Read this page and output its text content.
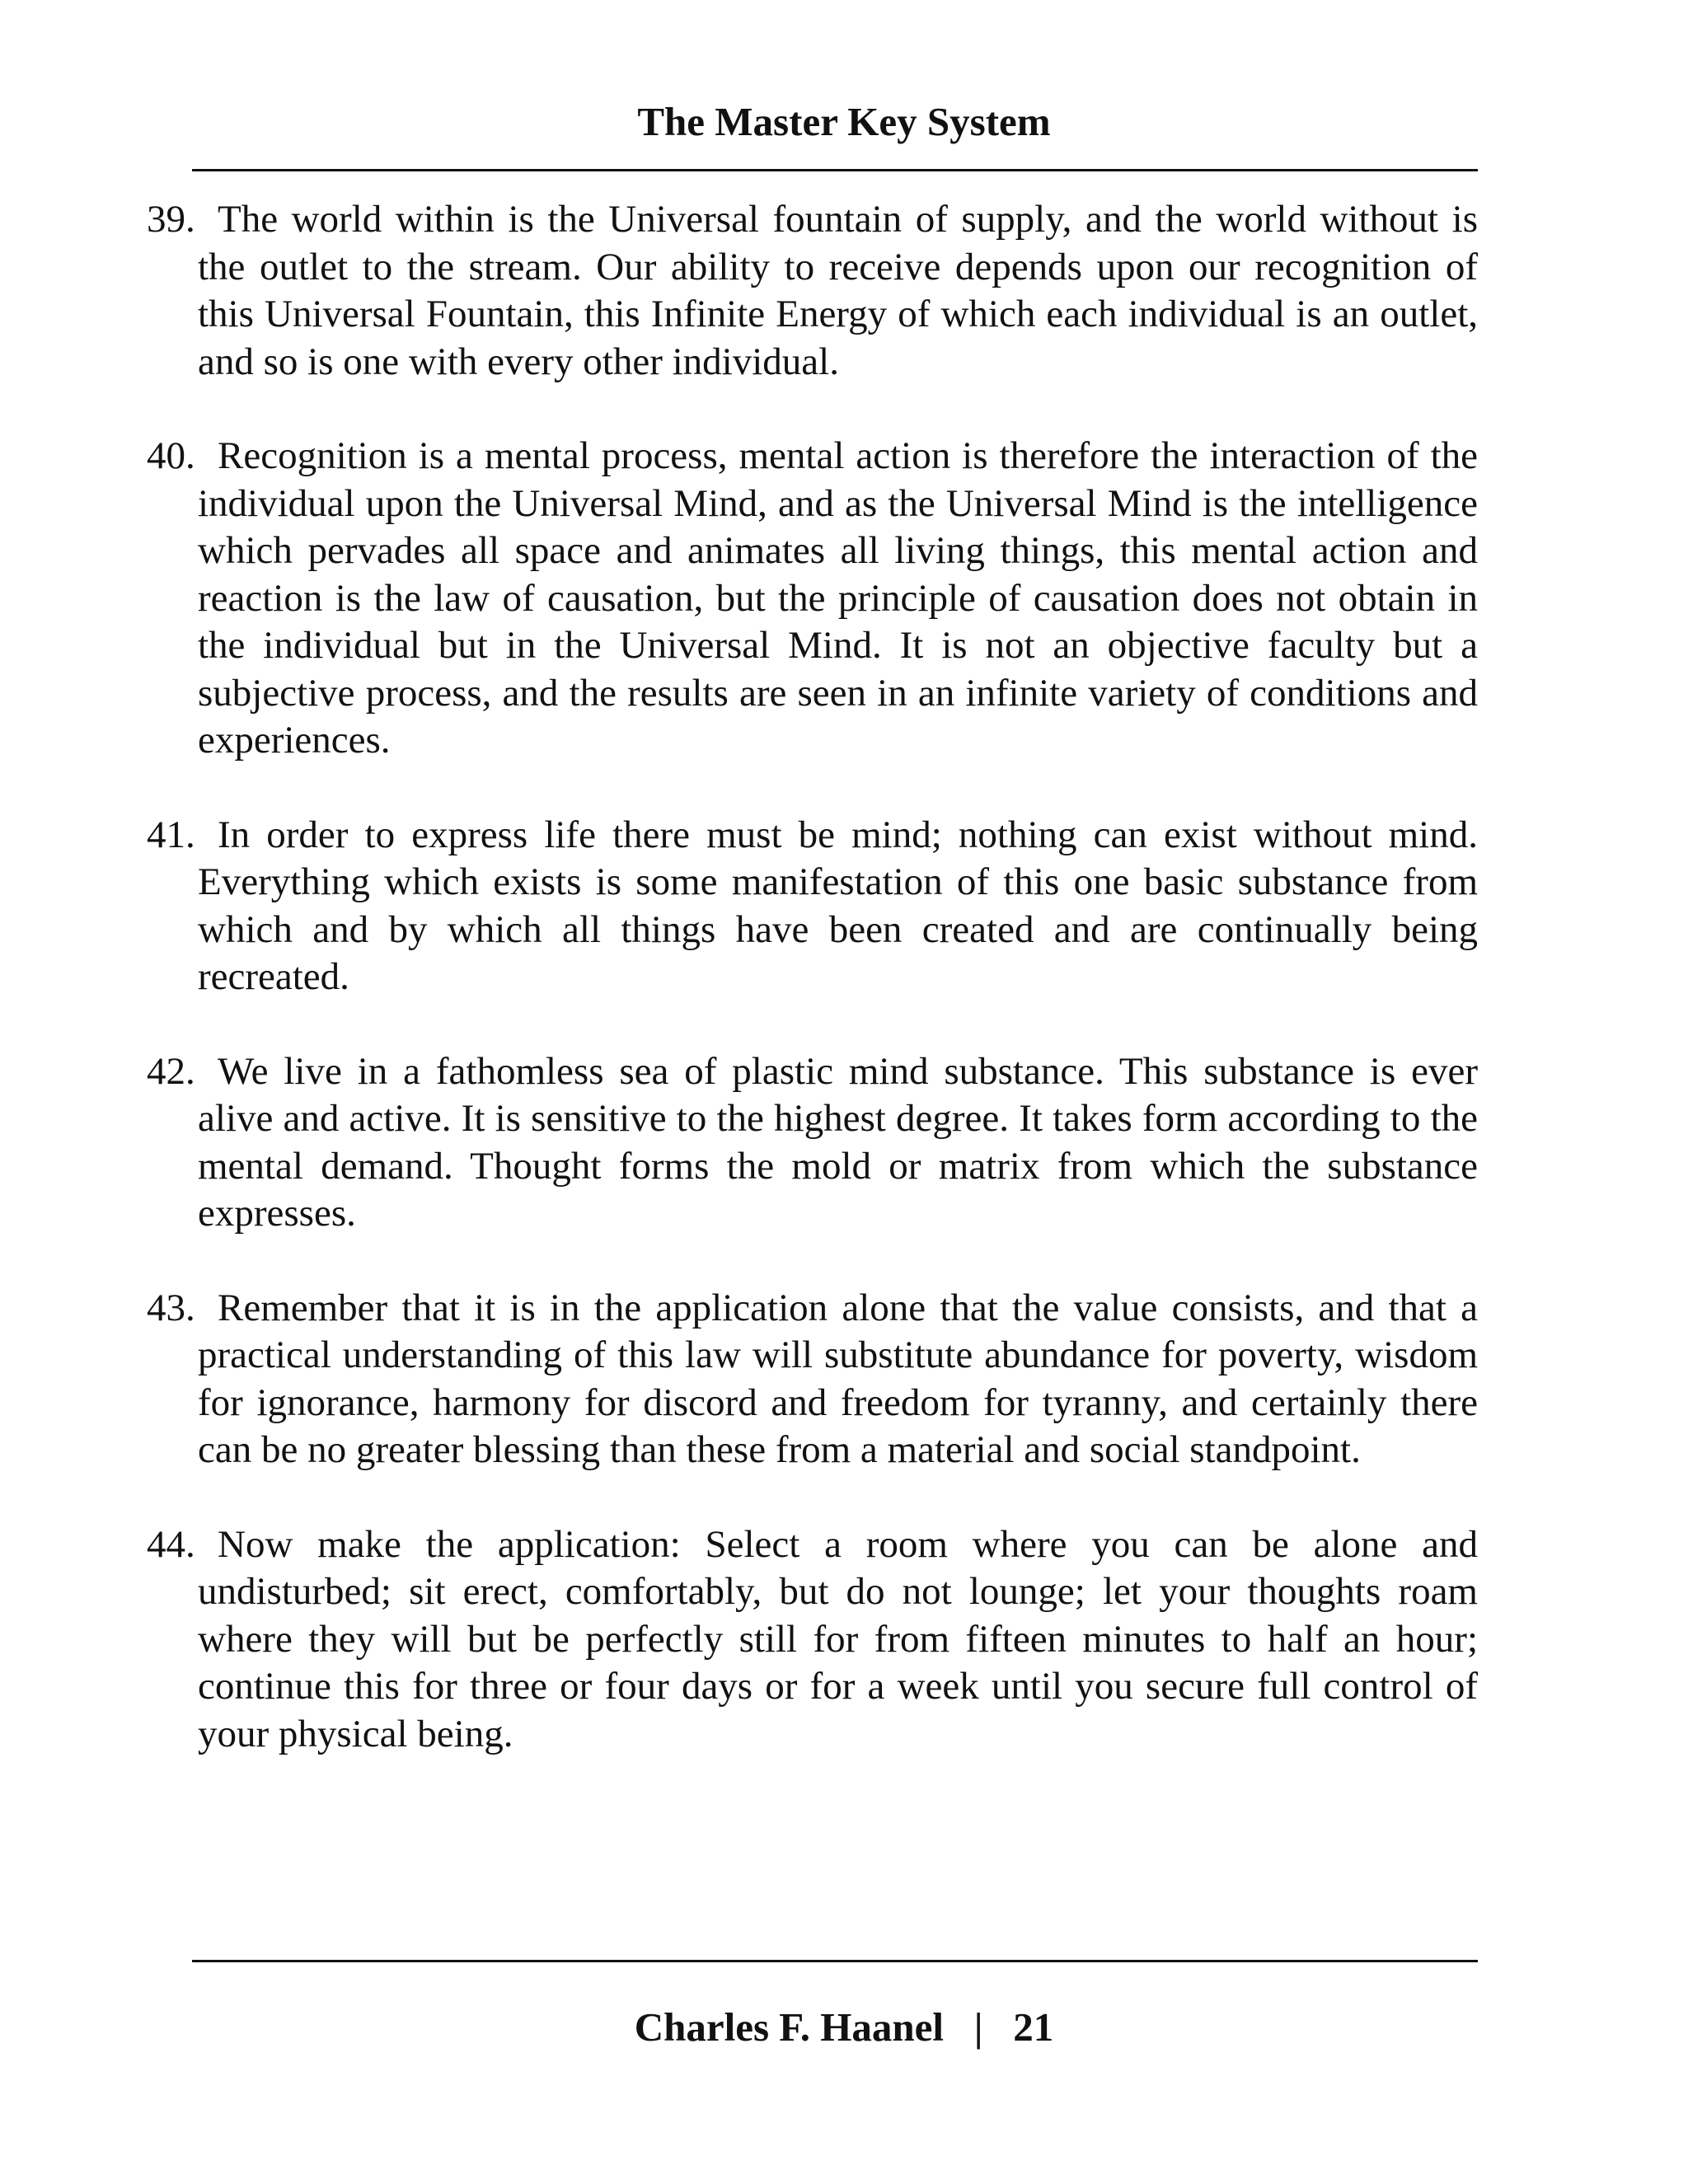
The Master Key System
39. The world within is the Universal fountain of supply, and the world without is the outlet to the stream. Our ability to receive depends upon our recognition of this Universal Fountain, this Infinite Energy of which each individual is an outlet, and so is one with every other individual.
40. Recognition is a mental process, mental action is therefore the interaction of the individual upon the Universal Mind, and as the Universal Mind is the intelligence which pervades all space and animates all living things, this mental action and reaction is the law of causation, but the principle of causation does not obtain in the individual but in the Universal Mind. It is not an objective faculty but a subjective process, and the results are seen in an infinite variety of conditions and experiences.
41. In order to express life there must be mind; nothing can exist without mind. Everything which exists is some manifestation of this one basic substance from which and by which all things have been created and are continually being recreated.
42. We live in a fathomless sea of plastic mind substance. This substance is ever alive and active. It is sensitive to the highest degree. It takes form according to the mental demand. Thought forms the mold or matrix from which the substance expresses.
43. Remember that it is in the application alone that the value consists, and that a practical understanding of this law will substitute abundance for poverty, wisdom for ignorance, harmony for discord and freedom for tyranny, and certainly there can be no greater blessing than these from a material and social standpoint.
44. Now make the application: Select a room where you can be alone and undisturbed; sit erect, comfortably, but do not lounge; let your thoughts roam where they will but be perfectly still for from fifteen minutes to half an hour; continue this for three or four days or for a week until you secure full control of your physical being.
Charles F. Haanel | 21
